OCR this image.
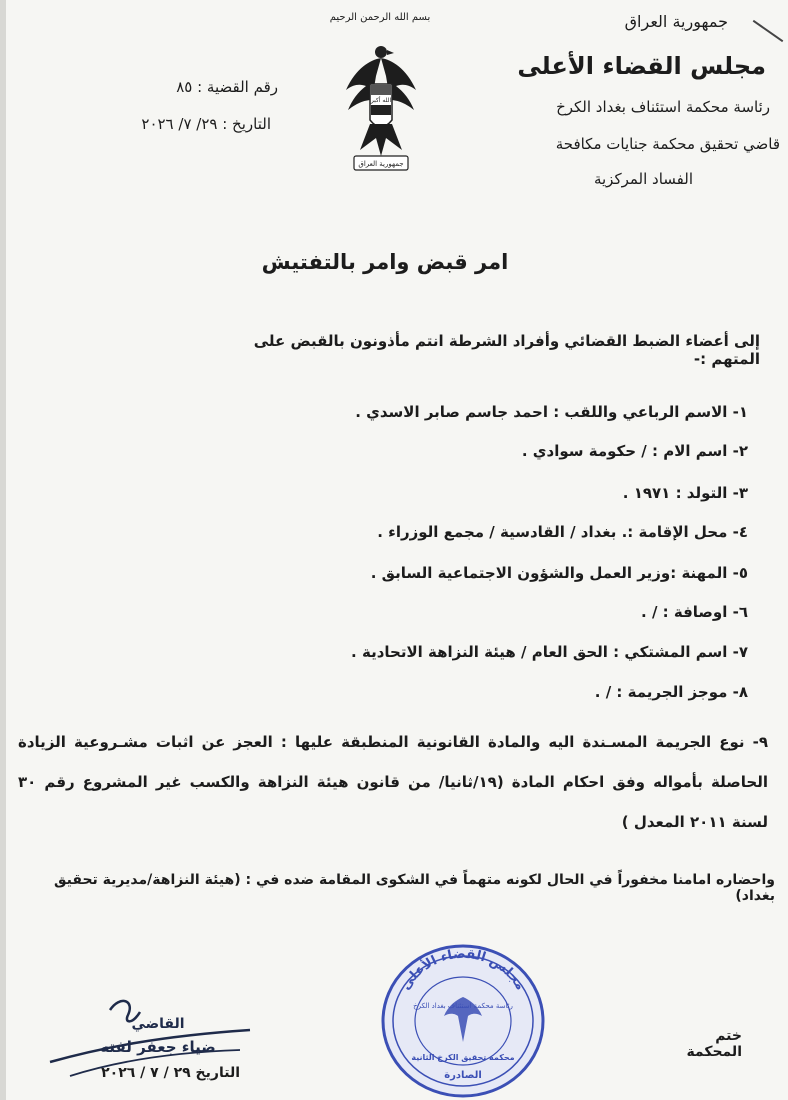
جمهورية العراق
مجلس القضاء الأعلى
رئاسة محكمة استئناف بغداد الكرخ
قاضي تحقيق محكمة جنايات مكافحة
الفساد المركزية
بسم الله الرحمن الرحيم
الله أكبر
جمهورية العراق
رقم القضية : ٨٥
التاريخ : ٢٩/ ٧/ ٢٠٢٦
امر قبض وامر بالتفتيش
إلى أعضاء الضبط القضائي وأفراد الشرطة انتم مأذونون بالقبض على المتهم :-
١- الاسم الرباعي واللقب : احمد جاسم صابر الاسدي .
٢- اسم الام : / حكومة سوادي .
٣- التولد : ١٩٧١ .
٤- محل الإقامة :. بغداد / القادسية / مجمع الوزراء .
٥- المهنة :وزير العمل والشؤون الاجتماعية السابق .
٦- اوصافة : / .
٧- اسم المشتكي : الحق العام / هيئة النزاهة الاتحادية .
٨- موجز الجريمة : / .
٩- نوع الجريمة المسـندة اليه والمادة القانونية المنطبقة عليها : العجز عن اثبات مشـروعية الزيادة الحاصلة بأمواله وفق احكام المادة (١٩/ثانيا/ من قانون هيئة النزاهة والكسب غير المشروع رقم ٣٠ لسنة ٢٠١١ المعدل )
واحضاره امامنا مخفوراً في الحال لكونه متهماً في الشكوى المقامة ضده في : (هيئة النزاهة/مديرية تحقيق بغداد)
ختم المحكمة
مجلس القضاء الأعلى
رئاسة محكمة استئناف بغداد الكرخ
محكمة تحقيق الكرخ الثانية
الصادرة
القاضي
ضياء جعفر لفته
التاريخ ٢٩ / ٧ / ٢٠٢٦
